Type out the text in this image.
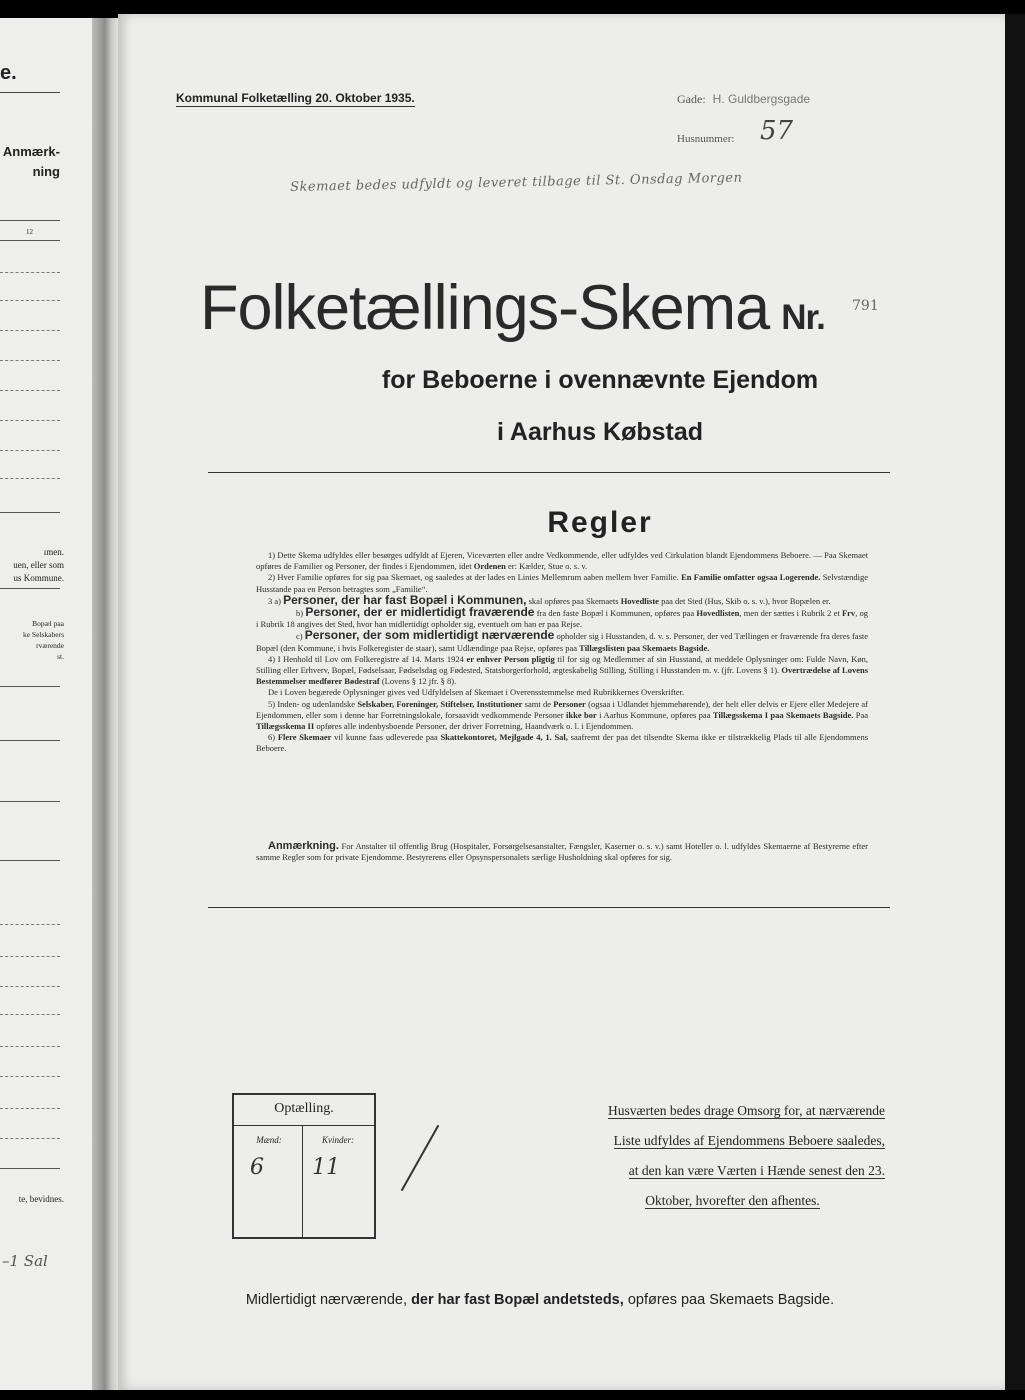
e.
Anmærk-
ning
12
ımen.
uen, eller som
us Kommune.
Bopæl paa
ke Selskabers
rværende
st.
te, bevidnes.
–1 Sal
Kommunal Folketælling 20. Oktober 1935.	Gade: H. Guldbergsgade
Husnummer: 57
Skemaet bedes udfyldt og leveret tilbage til St. Onsdag Morgen
Folketællings-Skema Nr. 791
for Beboerne i ovennævnte Ejendom
i Aarhus Købstad
Regler

1) Dette Skema udfyldes eller besørges udfyldt af Ejeren, Viceværten eller andre Vedkommende, eller udfyldes ved Cirkulation blandt Ejendommens Beboere. — Paa Skemaet opføres de Familier og Personer, der findes i Ejendommen, idet Ordenen er: Kælder, Stue o. s. v.

2) Hver Familie opføres for sig paa Skemaet, og saaledes at der lades en Linies Mellemrum aaben mellem hver Familie. En Familie omfatter ogsaa Logerende. Selvstændige Husstande paa en Person betragtes som „Familie“.

3 a) Personer, der har fast Bopæl i Kommunen, skal opføres paa Skemaets Hovedliste paa det Sted (Hus, Skib o. s. v.), hvor Bopælen er.

b) Personer, der er midlertidigt fraværende fra den faste Bopæl i Kommunen, opføres paa Hovedlisten, men der sættes i Rubrik 2 et Frv, og i Rubrik 18 angives det Sted, hvor han midlertidigt opholder sig, eventuelt om han er paa Rejse.

c) Personer, der som midlertidigt nærværende opholder sig i Husstanden, d. v. s. Personer, der ved Tællingen er fraværende fra deres faste Bopæl (den Kommune, i hvis Folkeregister de staar), samt Udlændinge paa Rejse, opføres paa Tillægslisten paa Skemaets Bagside.

4) I Henhold til Lov om Folkeregistre af 14. Marts 1924 er enhver Person pligtig til for sig og Medlemmer af sin Husstand, at meddele Oplysninger om: Fulde Navn, Køn, Stilling eller Erhverv, Bopæl, Fødselsaar, Fødselsdag og Fødested, Statsborgerforhold, ægteskabelig Stilling, Stilling i Husstanden m. v. (jfr. Lovens § 1). Overtrædelse af Lovens Bestemmelser medfører Bødestraf (Lovens § 12 jfr. § 8).

De i Loven begærede Oplysninger gives ved Udfyldelsen af Skemaet i Overensstemmelse med Rubrikkernes Overskrifter.

5) Inden- og udenlandske Selskaber, Foreninger, Stiftelser, Institutioner samt de Personer (ogsaa i Udlandet hjemmehørende), der helt eller delvis er Ejere eller Medejere af Ejendommen, eller som i denne har Forretningslokale, forsaavidt vedkommende Personer ikke bor i Aarhus Kommune, opføres paa Tillægsskema I paa Skemaets Bagside. Paa Tillægsskema II opføres alle indenbysboende Personer, der driver Forretning, Haandværk o. l. i Ejendommen.

6) Flere Skemaer vil kunne faas udleverede paa Skattekontoret, Mejlgade 4, 1. Sal, saafremt der paa det tilsendte Skema ikke er tilstrækkelig Plads til alle Ejendommens Beboere.

Anmærkning. For Anstalter til offentlig Brug (Hospitaler, Forsørgelsesanstalter, Fængsler, Kaserner o. s. v.) samt Hoteller o. l. udfyldes Skemaerne af Bestyrerne efter samme Regler som for private Ejendomme. Bestyrerens eller Opsynspersonalets særlige Husholdning skal opføres for sig.
Optælling.
Mænd:	Kvinder:
6 11
Husværten bedes drage Omsorg for, at nærværende
Liste udfyldes af Ejendommens Beboere saaledes,
at den kan være Værten i Hænde senest den 23.
Oktober, hvorefter den afhentes.
Midlertidigt nærværende, der har fast Bopæl andetsteds, opføres paa Skemaets Bagside.
